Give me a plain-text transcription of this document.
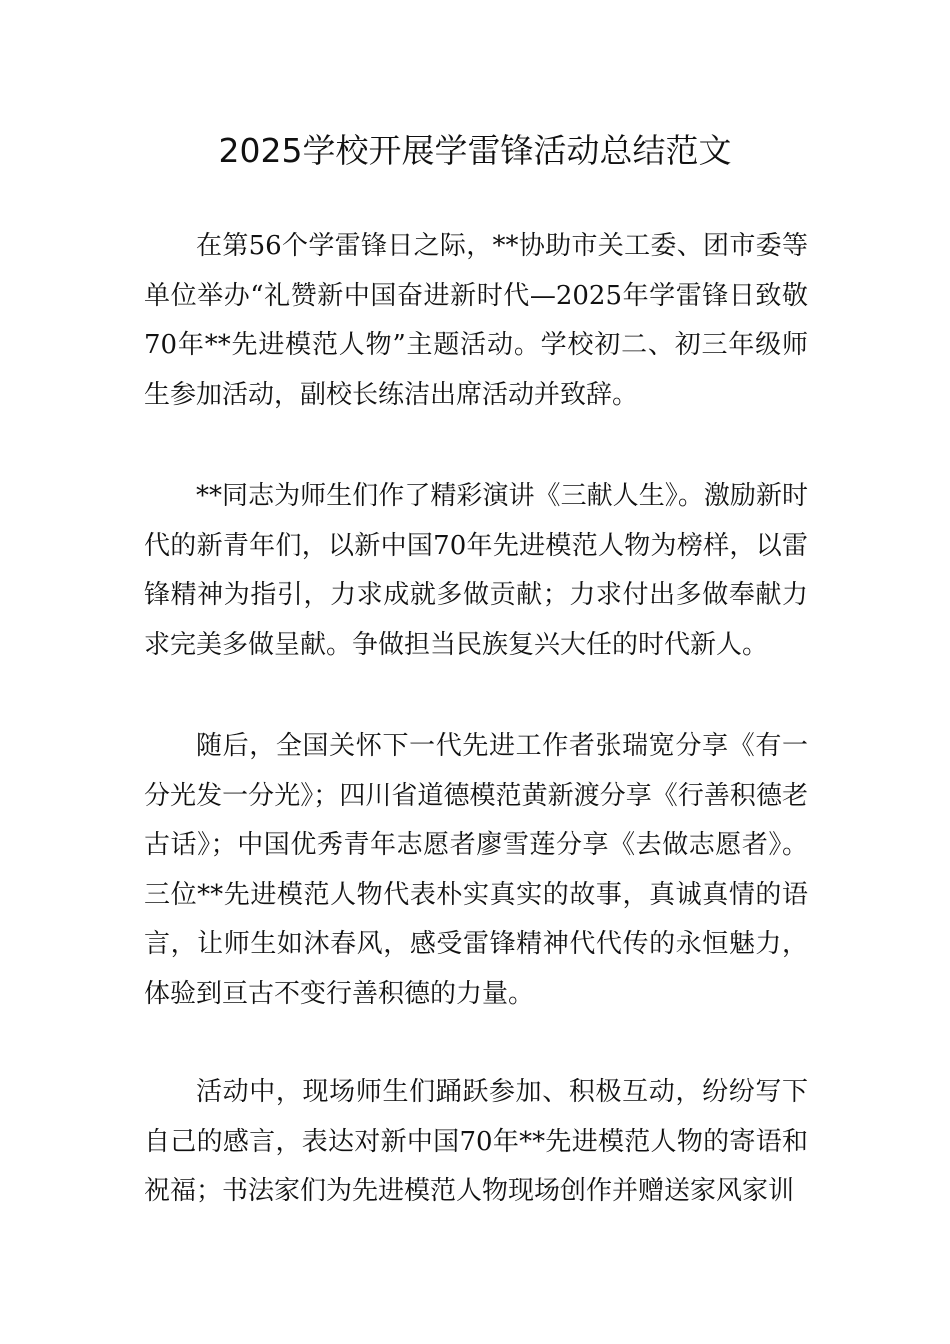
2025学校开展学雷锋活动总结范文

在第56个学雷锋日之际，**协助市关工委、团市委等单位举办“礼赞新中国奋进新时代—2025年学雷锋日致敬70年**先进模范人物”主题活动。学校初二、初三年级师生参加活动，副校长练洁出席活动并致辞。

**同志为师生们作了精彩演讲《三献人生》。激励新时代的新青年们，以新中国70年先进模范人物为榜样，以雷锋精神为指引，力求成就多做贡献；力求付出多做奉献力求完美多做呈献。争做担当民族复兴大任的时代新人。

随后，全国关怀下一代先进工作者张瑞宽分享《有一分光发一分光》；四川省道德模范黄新渡分享《行善积德老古话》；中国优秀青年志愿者廖雪莲分享《去做志愿者》。三位**先进模范人物代表朴实真实的故事，真诚真情的语言，让师生如沐春风，感受雷锋精神代代传的永恒魅力，体验到亘古不变行善积德的力量。

活动中，现场师生们踊跃参加、积极互动，纷纷写下自己的感言，表达对新中国70年**先进模范人物的寄语和祝福；书法家们为先进模范人物现场创作并赠送家风家训
